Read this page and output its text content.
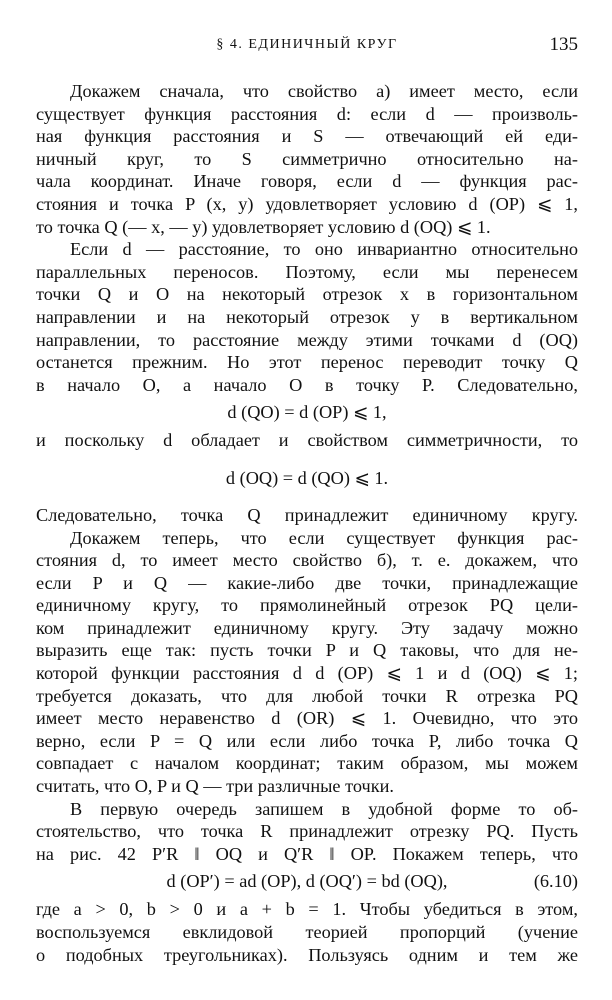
§ 4. ЕДИНИЧНЫЙ КРУГ	135
Докажем сначала, что свойство а) имеет место, если
существует функция расстояния d: если d — произволь-
ная функция расстояния и S — отвечающий ей еди-
ничный круг, то S симметрично относительно на-
чала координат. Иначе говоря, если d — функция рас-
стояния и точка P (x, y) удовлетворяет условию d (OP) ⩽ 1,
то точка Q (— x, — y) удовлетворяет условию d (OQ) ⩽ 1.
Если d — расстояние, то оно инвариантно относительно
параллельных переносов. Поэтому, если мы перенесем
точки Q и O на некоторый отрезок x в горизонтальном
направлении и на некоторый отрезок y в вертикальном
направлении, то расстояние между этими точками d (OQ)
останется прежним. Но этот перенос переводит точку Q
в начало O, а начало O в точку P. Следовательно,
d (QO) = d (OP) ⩽ 1,
и поскольку d обладает и свойством симметричности, то
d (OQ) = d (QO) ⩽ 1.
Следовательно, точка Q принадлежит единичному кругу.
Докажем теперь, что если существует функция рас-
стояния d, то имеет место свойство б), т. е. докажем, что
если P и Q — какие-либо две точки, принадлежащие
единичному кругу, то прямолинейный отрезок PQ цели-
ком принадлежит единичному кругу. Эту задачу можно
выразить еще так: пусть точки P и Q таковы, что для не-
которой функции расстояния d d (OP) ⩽ 1 и d (OQ) ⩽ 1;
требуется доказать, что для любой точки R отрезка PQ
имеет место неравенство d (OR) ⩽ 1. Очевидно, что это
верно, если P = Q или если либо точка P, либо точка Q
совпадает с началом координат; таким образом, мы можем
считать, что O, P и Q — три различные точки.
В первую очередь запишем в удобной форме то об-
стоятельство, что точка R принадлежит отрезку PQ. Пусть
на рис. 42 P′R ‖ OQ и Q′R ‖ OP. Покажем теперь, что
d (OP′) = ad (OP), d (OQ′) = bd (OQ),	(6.10)
где a > 0, b > 0 и a + b = 1. Чтобы убедиться в этом,
воспользуемся евклидовой теорией пропорций (учение
о подобных треугольниках). Пользуясь одним и тем же
